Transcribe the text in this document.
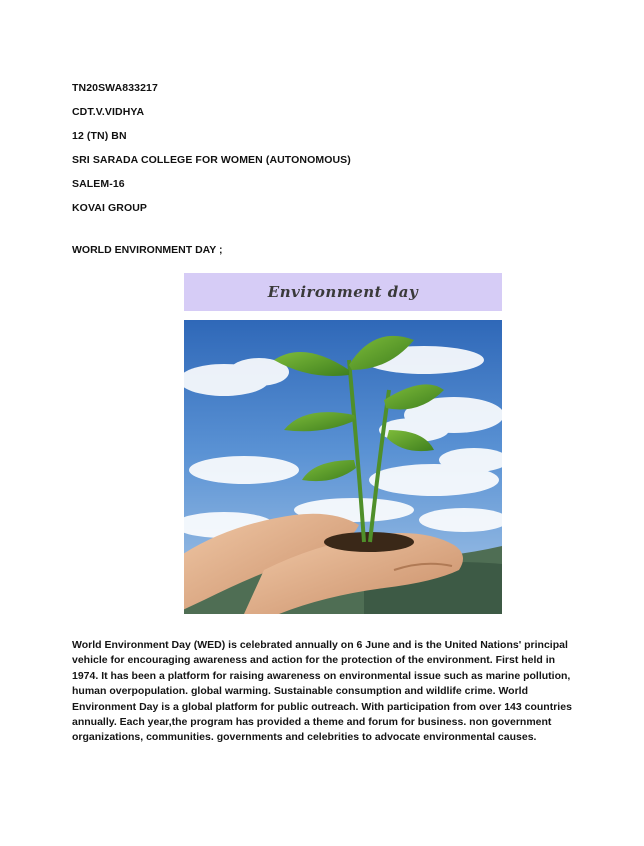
TN20SWA833217
CDT.V.VIDHYA
12 (TN) BN
SRI SARADA COLLEGE FOR WOMEN (AUTONOMOUS)
SALEM-16
KOVAI GROUP
WORLD ENVIRONMENT DAY ;
Environment day
World Environment Day (WED) is celebrated annually on 6 June and is the United Nations' principal vehicle for encouraging awareness and action for the protection of the environment. First held in 1974. It has been a platform for raising awareness on environmental issue such as marine pollution, human overpopulation. global warming. Sustainable consumption and wildlife crime. World Environment Day is a global platform for public outreach. With participation from over 143 countries annually. Each year,the program has provided a theme and forum for business. non government organizations, communities. governments and celebrities to advocate environmental causes.
